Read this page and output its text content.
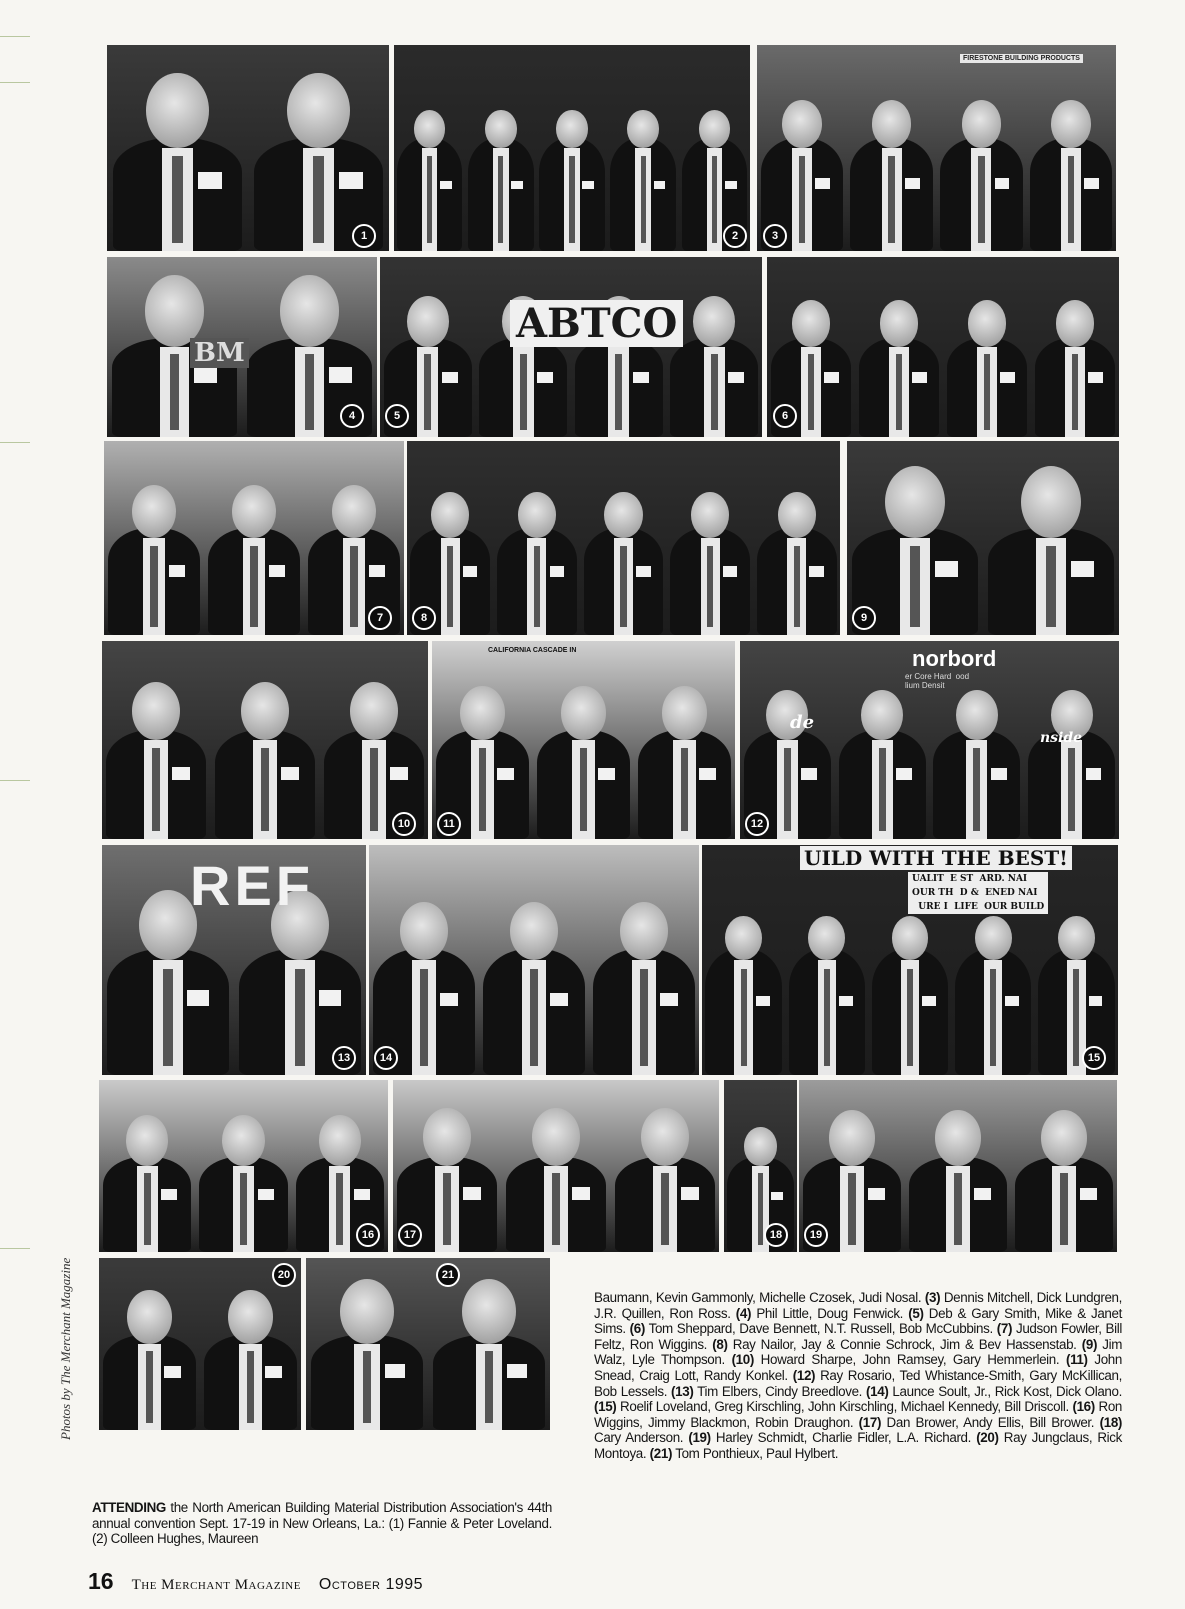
1	2	3
4	5	6
7	8	9
10	11	12
13	14	15
16	17	18	19
20	21
FIRESTONE BUILDING PRODUCTS
ABTCO
BM
CALIFORNIA CASCADE IN	norbord
er Core Hard  ood
lium Densit
de
nside
REF	UILD WITH THE BEST!
UALIT  E ST  ARD. NAI
OUR TH  D &  ENED NAI
URE I  LIFE  OUR BUILD
Photos by The Merchant Magazine
ATTENDING the North American Building Material Distribution Association's 44th annual convention Sept. 17-19 in New Orleans, La.: (1) Fannie & Peter Loveland. (2) Colleen Hughes, Maureen
Baumann, Kevin Gammonly, Michelle Czosek, Judi Nosal. (3) Dennis Mitchell, Dick Lundgren, J.R. Quillen, Ron Ross. (4) Phil Little, Doug Fenwick. (5) Deb & Gary Smith, Mike & Janet Sims. (6) Tom Sheppard, Dave Bennett, N.T. Russell, Bob McCubbins. (7) Judson Fowler, Bill Feltz, Ron Wiggins. (8) Ray Nailor, Jay & Connie Schrock, Jim & Bev Hassenstab. (9) Jim Walz, Lyle Thompson. (10) Howard Sharpe, John Ramsey, Gary Hemmerlein. (11) John Snead, Craig Lott, Randy Konkel. (12) Ray Rosario, Ted Whistance-Smith, Gary McKillican, Bob Lessels. (13) Tim Elbers, Cindy Breedlove. (14) Launce Soult, Jr., Rick Kost, Dick Olano. (15) Roelif Loveland, Greg Kirschling, John Kirschling, Michael Kennedy, Bill Driscoll. (16) Ron Wiggins, Jimmy Blackmon, Robin Draughon. (17) Dan Brower, Andy Ellis, Bill Brower. (18) Cary Anderson. (19) Harley Schmidt, Charlie Fidler, L.A. Richard. (20) Ray Jungclaus, Rick Montoya. (21) Tom Ponthieux, Paul Hylbert.
16 The Merchant Magazine October 1995
